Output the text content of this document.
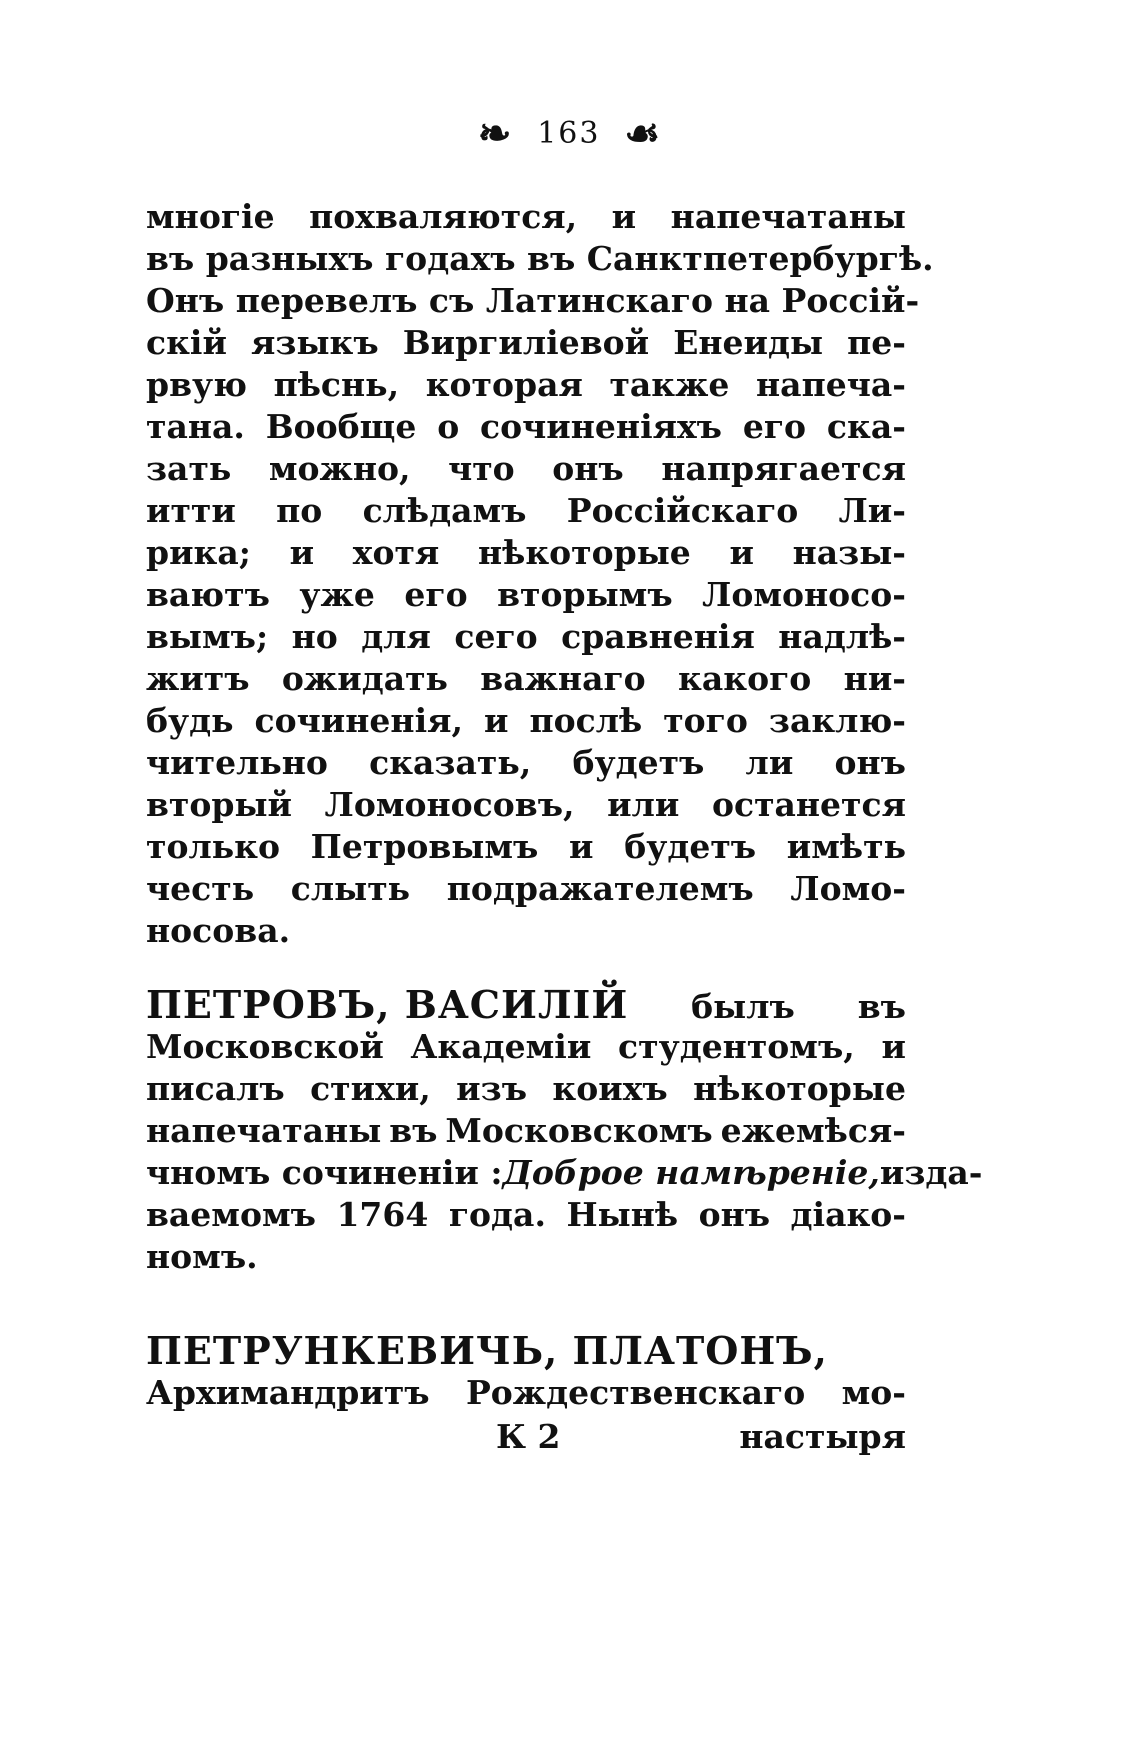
❧ 163 ☙
многіе похваляются, и напечатаны
въ разныхъ годахъ въ Санктпетербургѣ.
Онъ перевелъ съ Латинскаго на Россій-
скій языкъ Виргиліевой Енеиды пе-
рвую пѣснь, которая также напеча-
тана. Вообще о сочиненіяхъ его ска-
зать можно, что онъ напрягается
итти по слѣдамъ Россійскаго Ли-
рика; и хотя нѣкоторые и назы-
ваютъ уже его вторымъ Ломоносо-
вымъ; но для сего сравненія надлѣ-
житъ ожидать важнаго какого ни-
будь сочиненія, и послѣ того заклю-
чительно сказать, будетъ ли онъ
вторый Ломоносовъ, или останется
только Петровымъ и будетъ имѣть
честь слыть подражателемъ Ломо-
носова.
ПЕТРОВЪ, ВАСИЛІЙ былъ въ
Московской Академіи студентомъ, и
писалъ стихи, изъ коихъ нѣкоторые
напечатаны въ Московскомъ ежемѣся-
чномъ сочиненіи : Доброе намѣреніе, изда-
ваемомъ 1764 года. Нынѣ онъ діако-
номъ.
ПЕТРУНКЕВИЧЬ, ПЛАТОНЪ,
Архимандритъ Рождественскаго мо-
К 2	настыря
